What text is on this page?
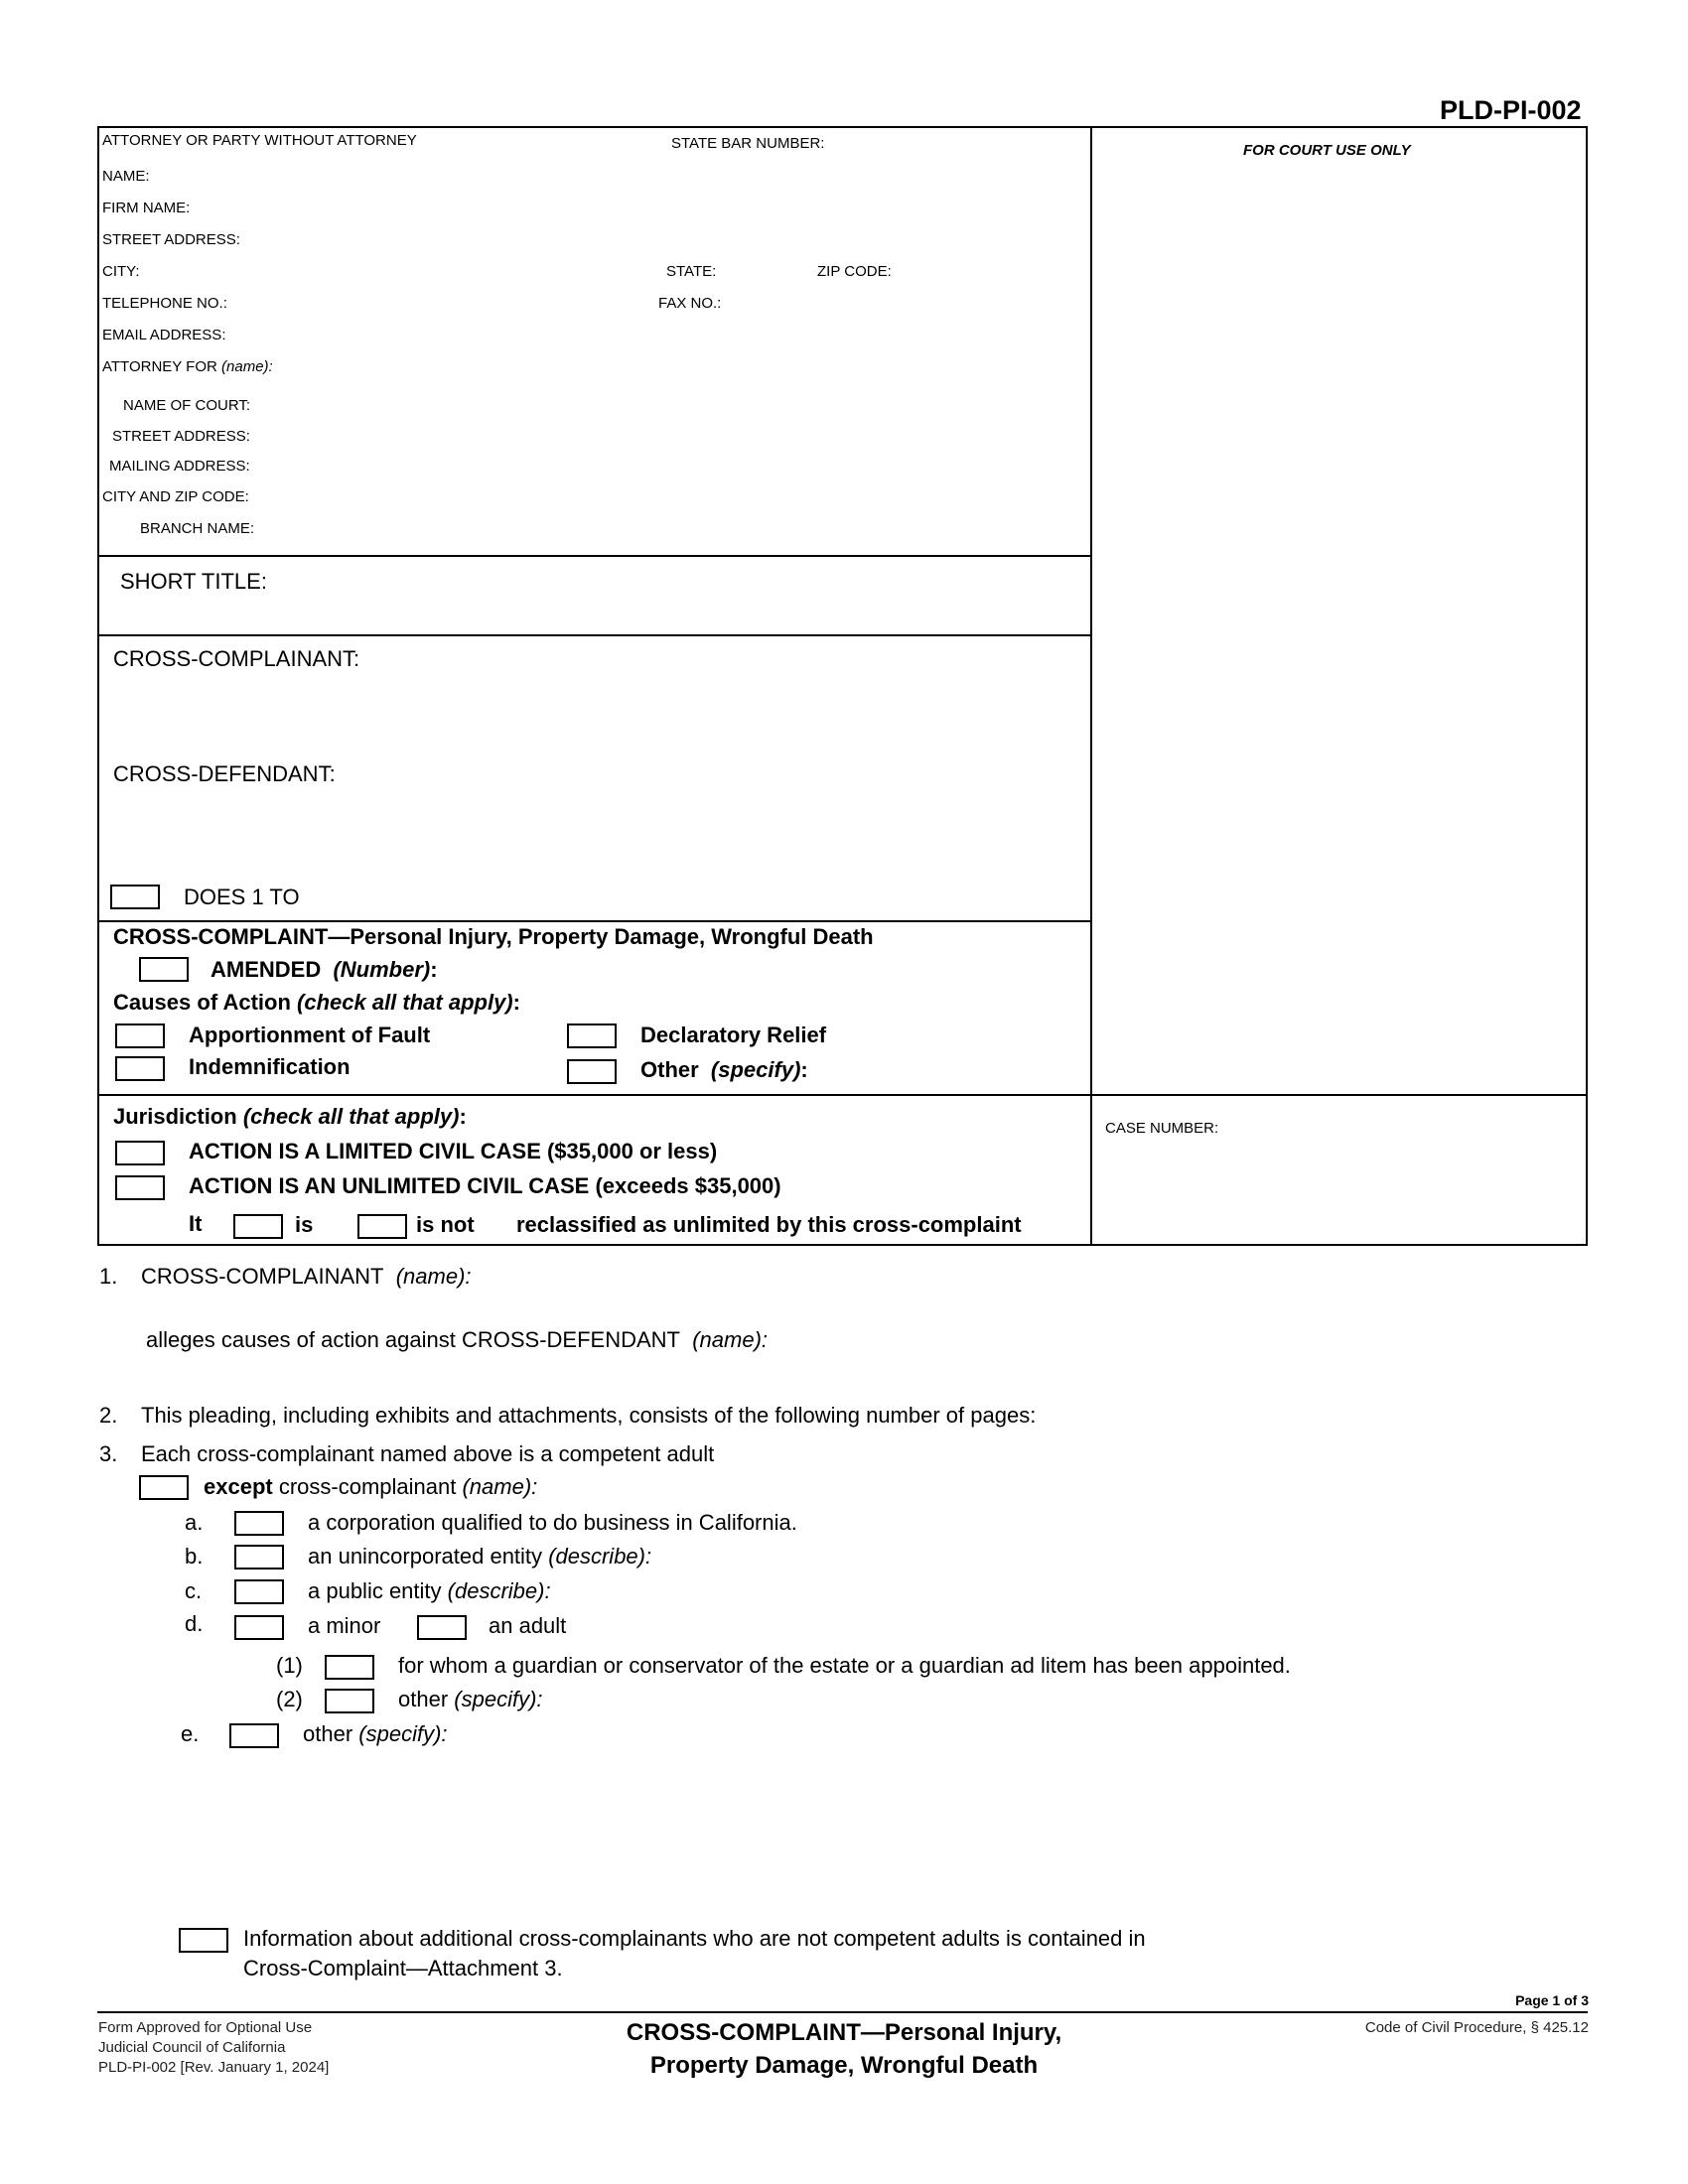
PLD-PI-002
ATTORNEY OR PARTY WITHOUT ATTORNEY	STATE BAR NUMBER:	FOR COURT USE ONLY
NAME:
FIRM NAME:
STREET ADDRESS:
CITY:	STATE:	ZIP CODE:
TELEPHONE NO.:	FAX NO.:
EMAIL ADDRESS:
ATTORNEY FOR (name):
NAME OF COURT:
STREET ADDRESS:
MAILING ADDRESS:
CITY AND ZIP CODE:
BRANCH NAME:
SHORT TITLE:
CROSS-COMPLAINANT:
CROSS-DEFENDANT:
DOES 1 TO
CROSS-COMPLAINT—Personal Injury, Property Damage, Wrongful Death
AMENDED (Number):
Causes of Action (check all that apply):
Apportionment of Fault	Declaratory Relief
Indemnification	Other (specify):
Jurisdiction (check all that apply):	CASE NUMBER:
ACTION IS A LIMITED CIVIL CASE ($35,000 or less)
ACTION IS AN UNLIMITED CIVIL CASE (exceeds $35,000)
It	is	is not reclassified as unlimited by this cross-complaint
1. CROSS-COMPLAINANT (name):
alleges causes of action against CROSS-DEFENDANT (name):
2. This pleading, including exhibits and attachments, consists of the following number of pages:
3. Each cross-complainant named above is a competent adult
except cross-complainant (name):
a.	a corporation qualified to do business in California.
b.	an unincorporated entity (describe):
c.	a public entity (describe):
d.	a minor	an adult
(1)	for whom a guardian or conservator of the estate or a guardian ad litem has been appointed.
(2)	other (specify):
e.	other (specify):
Information about additional cross-complainants who are not competent adults is contained in
Cross-Complaint—Attachment 3.
Page 1 of 3
Form Approved for Optional Use
Judicial Council of California
PLD-PI-002 [Rev. January 1, 2024]
CROSS-COMPLAINT—Personal Injury,
Property Damage, Wrongful Death
Code of Civil Procedure, § 425.12
